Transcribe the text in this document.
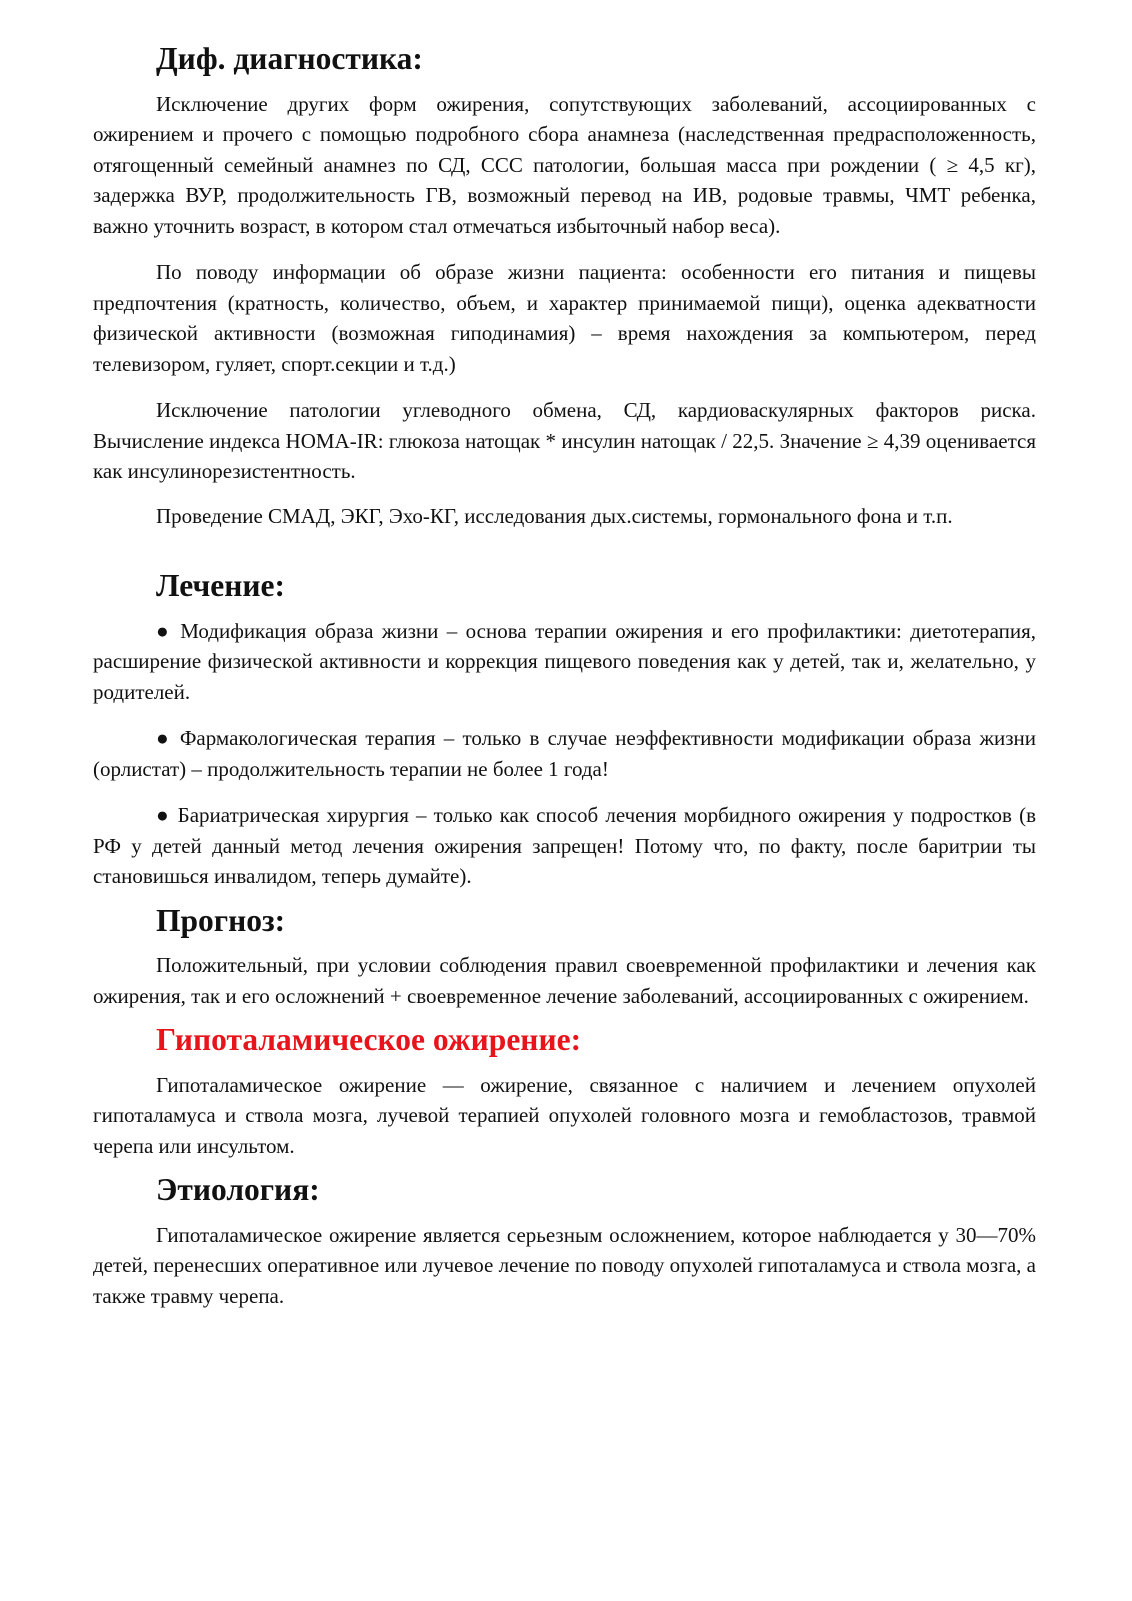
Диф. диагностика:

Исключение других форм ожирения, сопутствующих заболеваний, ассоциированных с ожирением и прочего с помощью подробного сбора анамнеза (наследственная предрасположенность, отягощенный семейный анамнез по СД, ССС патологии, большая масса при рождении ( ≥ 4,5 кг), задержка ВУР, продолжительность ГВ, возможный перевод на ИВ, родовые травмы, ЧМТ ребенка, важно уточнить возраст, в котором стал отмечаться избыточный набор веса).

По поводу информации об образе жизни пациента: особенности его питания и пищевы предпочтения (кратность, количество, объем, и характер принимаемой пищи), оценка адекватности физической активности (возможная гиподинамия) – время нахождения за компьютером, перед телевизором, гуляет, спорт.секции и т.д.)

Исключение патологии углеводного обмена, СД, кардиоваскулярных факторов риска. Вычисление индекса HOMA-IR: глюкоза натощак * инсулин натощак / 22,5. Значение ≥ 4,39 оценивается как инсулинорезистентность.

Проведение СМАД, ЭКГ, Эхо-КГ, исследования дых.системы, гормонального фона и т.п.

Лечение:

● Модификация образа жизни – основа терапии ожирения и его профилактики: диетотерапия, расширение физической активности и коррекция пищевого поведения как у детей, так и, желательно, у родителей.

● Фармакологическая терапия – только в случае неэффективности модификации образа жизни (орлистат) – продолжительность терапии не более 1 года!

● Бариатрическая хирургия – только как способ лечения морбидного ожирения у подростков (в РФ у детей данный метод лечения ожирения запрещен! Потому что, по факту, после баритрии ты становишься инвалидом, теперь думайте).

Прогноз:

Положительный, при условии соблюдения правил своевременной профилактики и лечения как ожирения, так и его осложнений + своевременное лечение заболеваний, ассоциированных с ожирением.

Гипоталамическое ожирение:

Гипоталамическое ожирение — ожирение, связанное с наличием и лечением опухолей гипоталамуса и ствола мозга, лучевой терапией опухолей головного мозга и гемобластозов, травмой черепа или инсультом.

Этиология:

Гипоталамическое ожирение является серьезным осложнением, которое наблюдается у 30—70% детей, перенесших оперативное или лучевое лечение по поводу опухолей гипоталамуса и ствола мозга, а также травму черепа.
